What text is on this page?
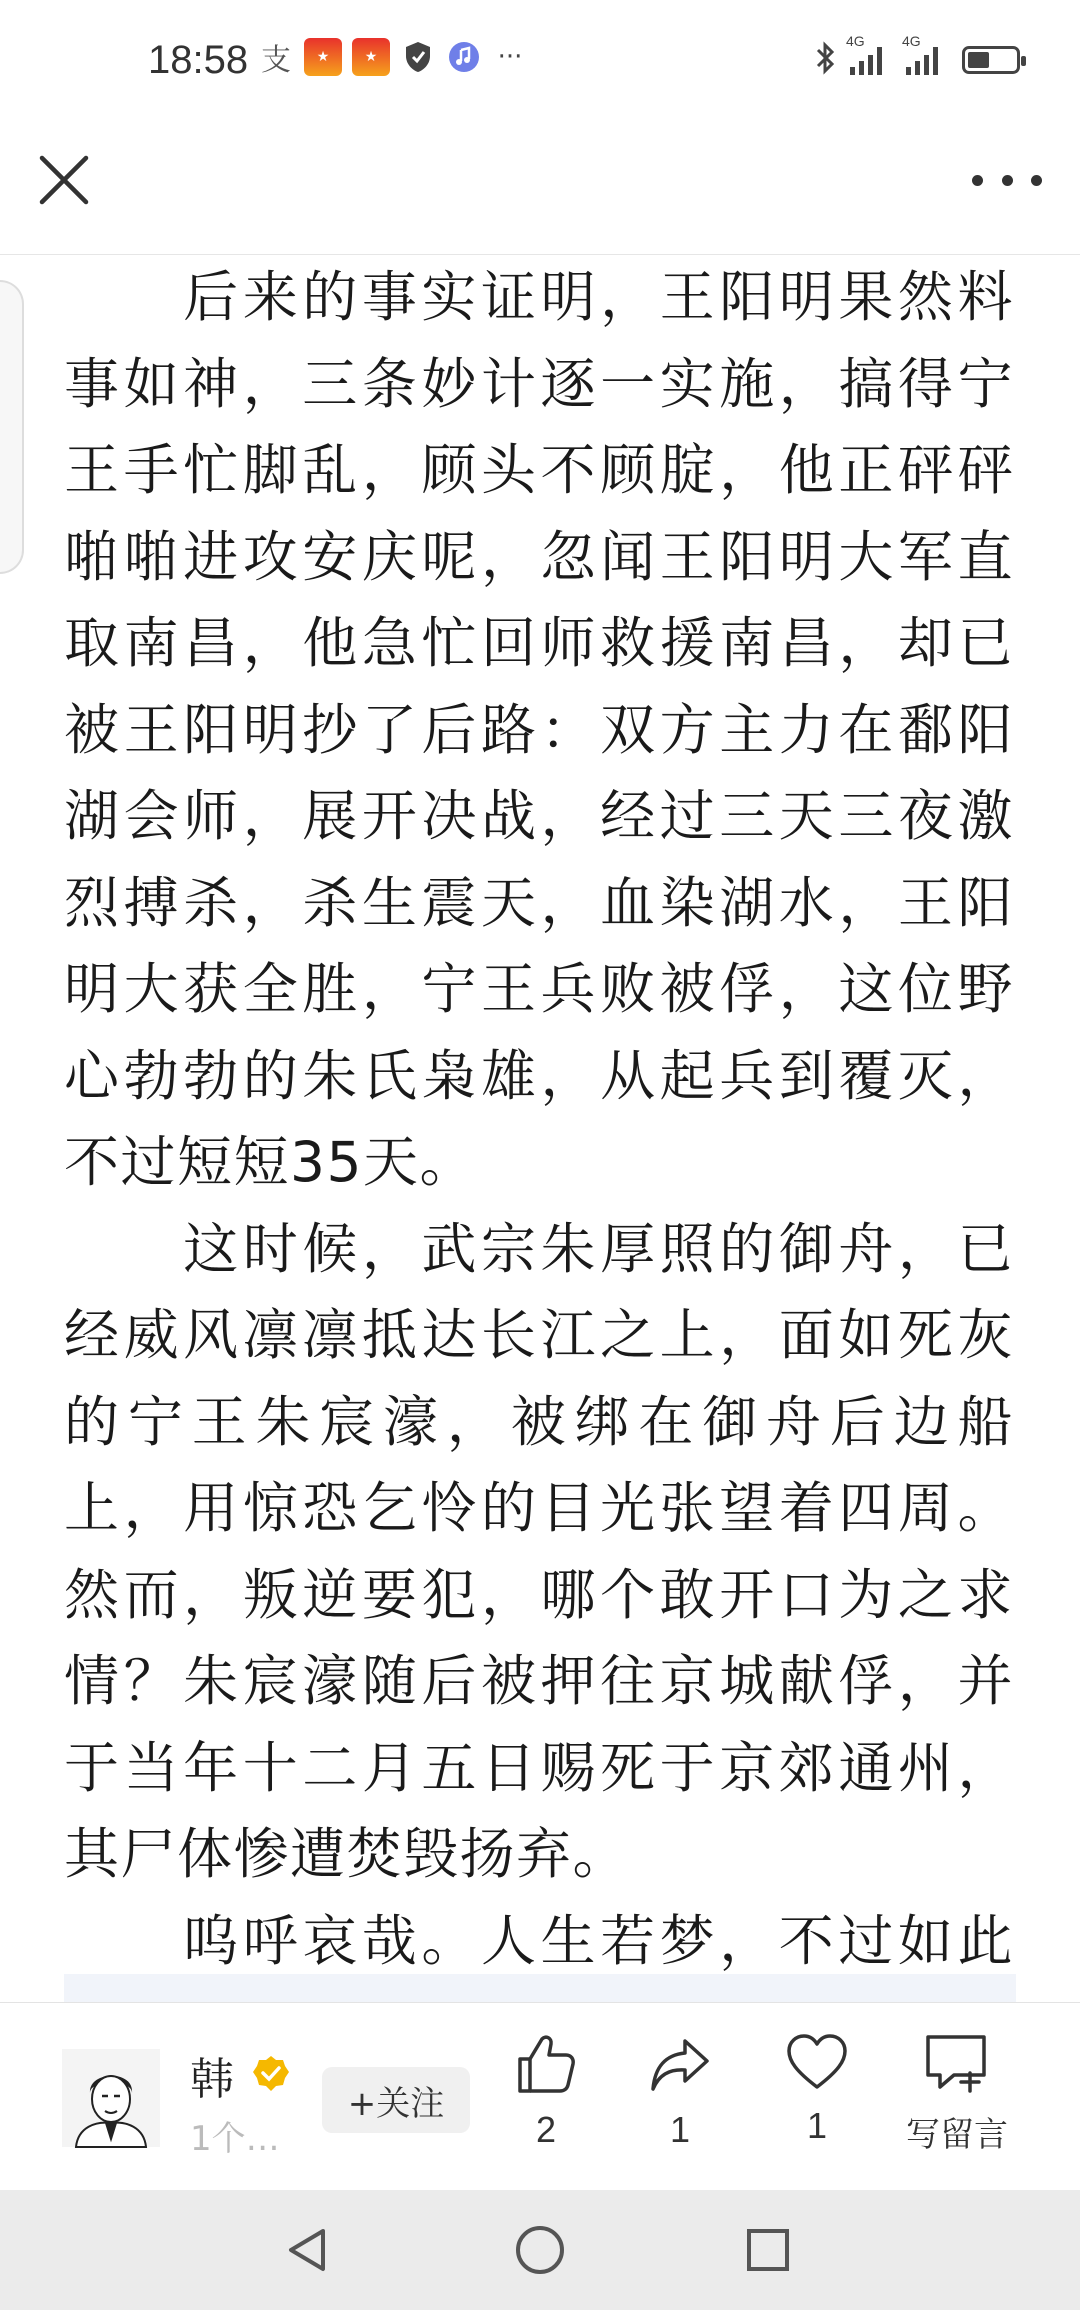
18:58 支	★	★	···
4G	4G

　　后来的事实证明，王阳明果然料事如神，三条妙计逐一实施，搞得宁王手忙脚乱，顾头不顾腚，他正砰砰啪啪进攻安庆呢，忽闻王阳明大军直取南昌，他急忙回师救援南昌，却已被王阳明抄了后路：双方主力在鄱阳湖会师，展开决战，经过三天三夜激烈搏杀，杀生震天，血染湖水，王阳明大获全胜，宁王兵败被俘，这位野心勃勃的朱氏枭雄，从起兵到覆灭，不过短短35天。

　　这时候，武宗朱厚照的御舟，已经威风凛凛抵达长江之上，面如死灰的宁王朱宸濠，被绑在御舟后边船上，用惊恐乞怜的目光张望着四周。然而，叛逆要犯，哪个敢开口为之求情？朱宸濠随后被押往京城献俘，并于当年十二月五日赐死于京郊通州，其尸体惨遭焚毁扬弃。

　　呜呼哀哉。人生若梦，不过如此

韩
1个…
+关注
2	1	1	写留言
